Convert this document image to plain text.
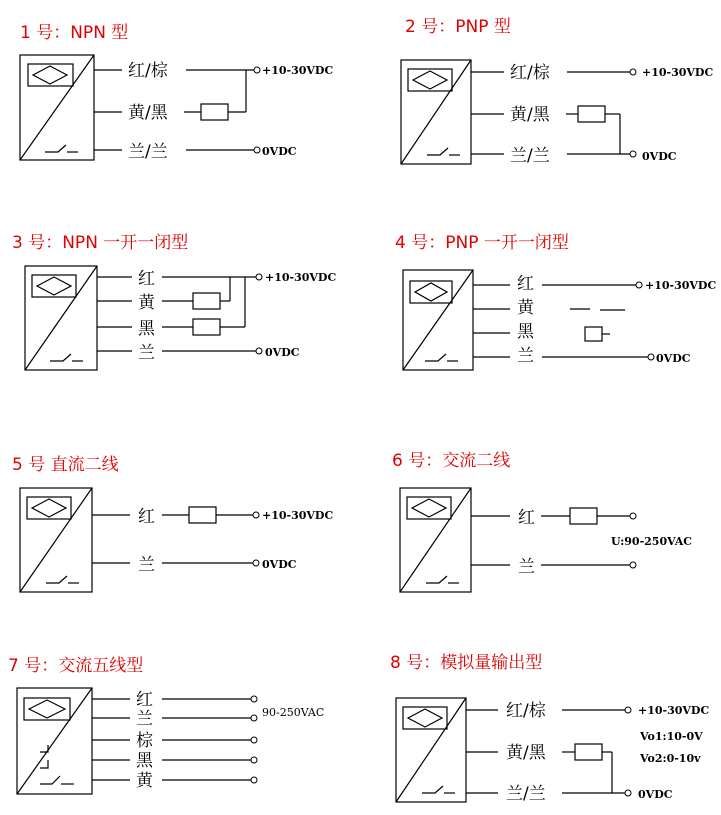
1 号：NPN 型
红/棕
黄/黑
兰/兰
+10-30VDC
0VDC
2 号：PNP 型
红/棕
黄/黑
兰/兰
+10-30VDC
0VDC
3 号：NPN 一开一闭型
红
黄
黑
兰
+10-30VDC
0VDC
4 号：PNP 一开一闭型
红
黄
黑
兰
+10-30VDC
0VDC
5 号 直流二线
红
兰
+10-30VDC
0VDC
6 号：交流二线
红
兰
U:90-250VAC
7 号：交流五线型
红
兰
棕
黑
黄
90-250VAC
8 号：模拟量输出型
红/棕
黄/黑
兰/兰
+10-30VDC
0VDC
Vo1:10-0V
Vo2:0-10v
